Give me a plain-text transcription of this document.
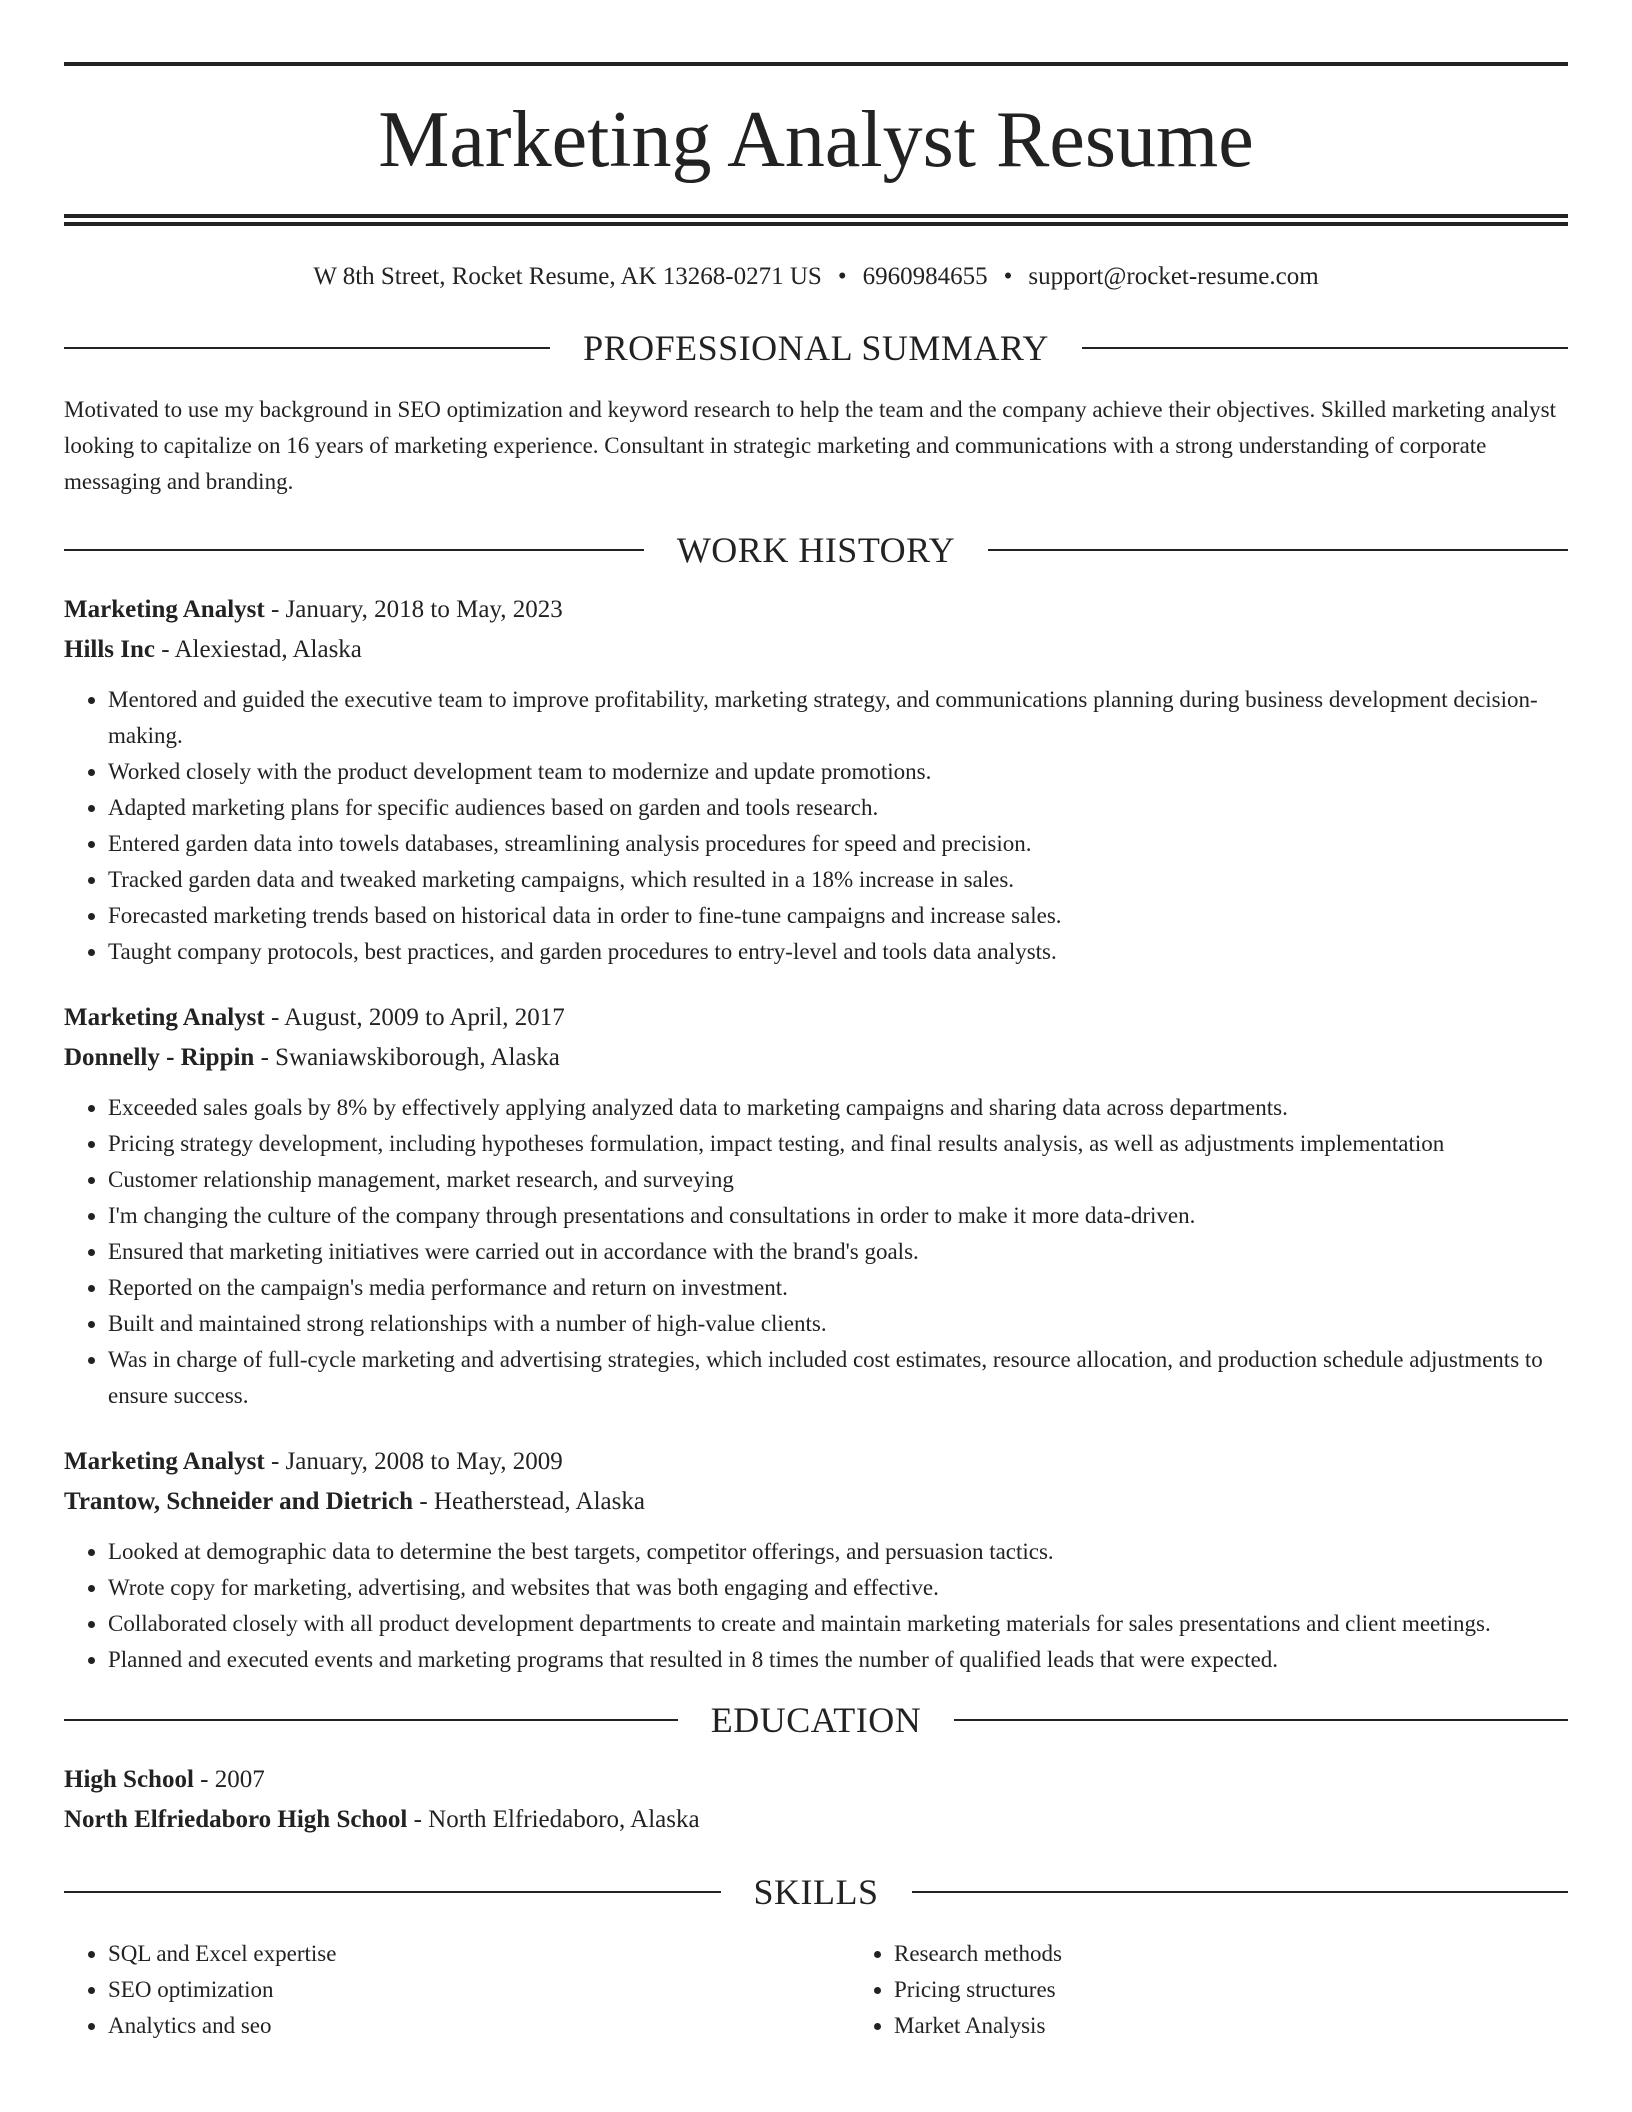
Marketing Analyst Resume
W 8th Street, Rocket Resume, AK 13268-0271 US • 6960984655 • support@rocket-resume.com
PROFESSIONAL SUMMARY
Motivated to use my background in SEO optimization and keyword research to help the team and the company achieve their objectives. Skilled marketing analyst looking to capitalize on 16 years of marketing experience. Consultant in strategic marketing and communications with a strong understanding of corporate messaging and branding.
WORK HISTORY
Marketing Analyst - January, 2018 to May, 2023
Hills Inc - Alexiestad, Alaska
• Mentored and guided the executive team to improve profitability, marketing strategy, and communications planning during business development decision-making.
• Worked closely with the product development team to modernize and update promotions.
• Adapted marketing plans for specific audiences based on garden and tools research.
• Entered garden data into towels databases, streamlining analysis procedures for speed and precision.
• Tracked garden data and tweaked marketing campaigns, which resulted in a 18% increase in sales.
• Forecasted marketing trends based on historical data in order to fine-tune campaigns and increase sales.
• Taught company protocols, best practices, and garden procedures to entry-level and tools data analysts.
Marketing Analyst - August, 2009 to April, 2017
Donnelly - Rippin - Swaniawskiborough, Alaska
• Exceeded sales goals by 8% by effectively applying analyzed data to marketing campaigns and sharing data across departments.
• Pricing strategy development, including hypotheses formulation, impact testing, and final results analysis, as well as adjustments implementation
• Customer relationship management, market research, and surveying
• I'm changing the culture of the company through presentations and consultations in order to make it more data-driven.
• Ensured that marketing initiatives were carried out in accordance with the brand's goals.
• Reported on the campaign's media performance and return on investment.
• Built and maintained strong relationships with a number of high-value clients.
• Was in charge of full-cycle marketing and advertising strategies, which included cost estimates, resource allocation, and production schedule adjustments to ensure success.
Marketing Analyst - January, 2008 to May, 2009
Trantow, Schneider and Dietrich - Heatherstead, Alaska
• Looked at demographic data to determine the best targets, competitor offerings, and persuasion tactics.
• Wrote copy for marketing, advertising, and websites that was both engaging and effective.
• Collaborated closely with all product development departments to create and maintain marketing materials for sales presentations and client meetings.
• Planned and executed events and marketing programs that resulted in 8 times the number of qualified leads that were expected.
EDUCATION
High School - 2007
North Elfriedaboro High School - North Elfriedaboro, Alaska
SKILLS
• SQL and Excel expertise
• SEO optimization
• Analytics and seo
• Research methods
• Pricing structures
• Market Analysis
